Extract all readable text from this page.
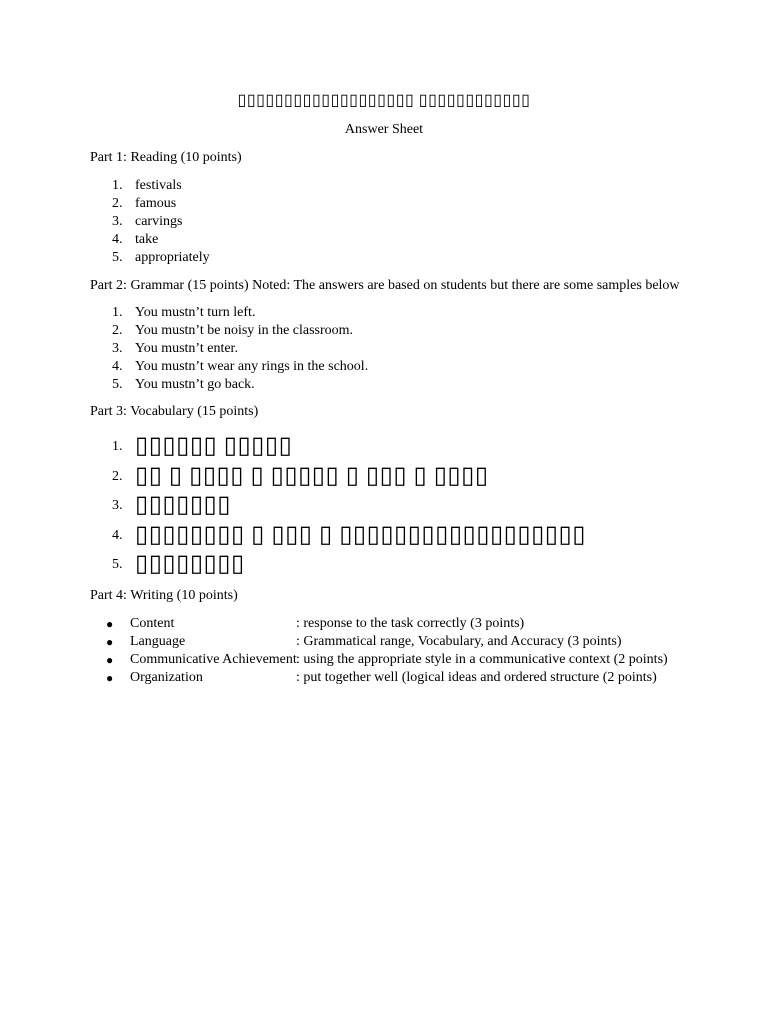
▯▯▯▯▯▯▯▯▯▯▯▯▯▯▯▯▯▯▯ ▯▯▯▯▯▯▯▯▯▯▯▯
Answer Sheet
Part 1: Reading (10 points)
1. festivals
2. famous
3. carvings
4. take
5. appropriately
Part 2: Grammar (15 points) Noted: The answers are based on students but there are some samples below
1. You mustn’t turn left.
2. You mustn’t be noisy in the classroom.
3. You mustn’t enter.
4. You mustn’t wear any rings in the school.
5. You mustn’t go back.
Part 3: Vocabulary (15 points)
1. ▯▯▯▯▯▯ ▯▯▯▯▯
2. ▯▯ ▯ ▯▯▯▯ ▯ ▯▯▯▯▯ ▯ ▯▯▯ ▯ ▯▯▯▯
3. ▯▯▯▯▯▯▯
4. ▯▯▯▯▯▯▯▯ ▯ ▯▯▯ ▯ ▯▯▯▯▯▯▯▯▯▯▯▯▯▯▯▯▯▯
5. ▯▯▯▯▯▯▯▯
Part 4: Writing (10 points)
● Content	: response to the task correctly (3 points)
● Language	: Grammatical range, Vocabulary, and Accuracy (3 points)
● Communicative Achievement : using the appropriate style in a communicative context (2 points)
● Organization	: put together well (logical ideas and ordered structure (2 points)
